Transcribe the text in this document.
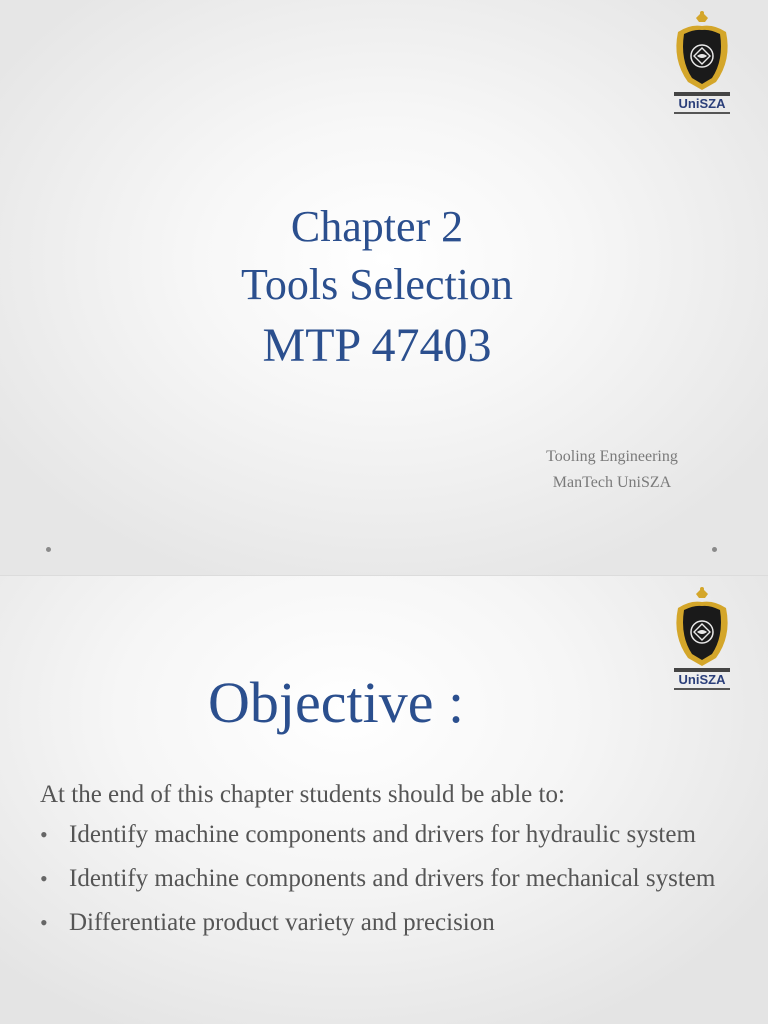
UniSZA
Chapter 2
Tools Selection
MTP 47403
Tooling Engineering
ManTech UniSZA
UniSZA
Objective :
At the end of this chapter students should be able to:
• Identify machine components and drivers for hydraulic system
• Identify machine components and drivers for mechanical system
• Differentiate product variety and precision
